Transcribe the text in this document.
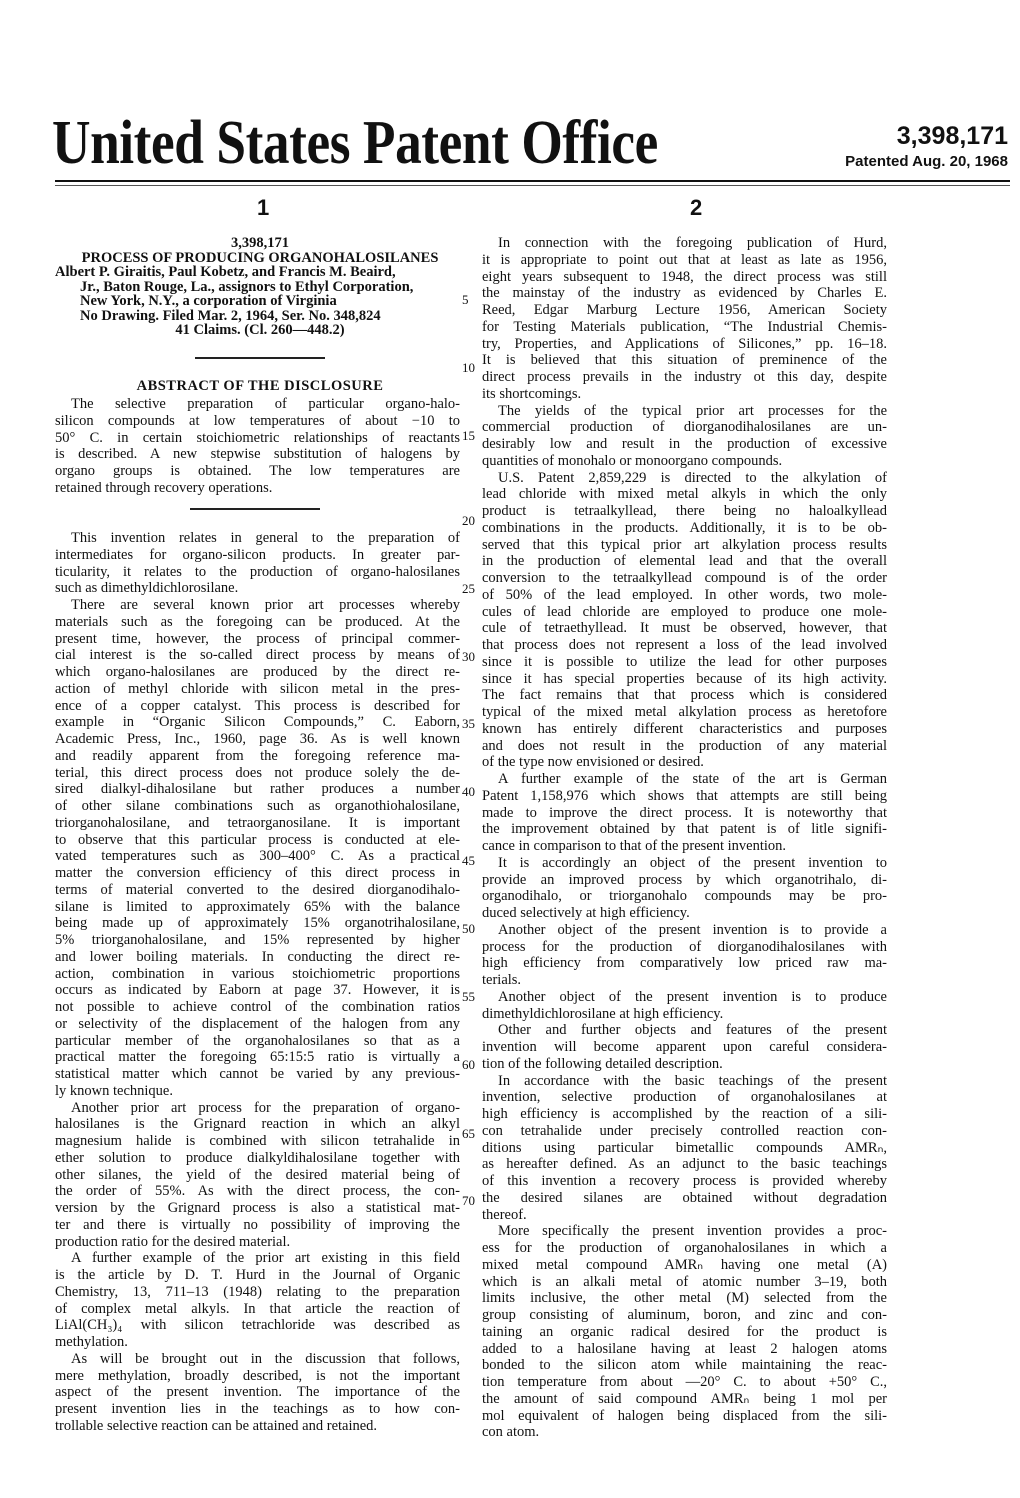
United States Patent Office	3,398,171
Patented Aug. 20, 1968
1	2
3,398,171
PROCESS OF PRODUCING ORGANOHALOSILANES
Albert P. Giraitis, Paul Kobetz, and Francis M. Beaird,
Jr., Baton Rouge, La., assignors to Ethyl Corporation,
New York, N.Y., a corporation of Virginia
No Drawing. Filed Mar. 2, 1964, Ser. No. 348,824
41 Claims. (Cl. 260—448.2)
ABSTRACT OF THE DISCLOSURE
The selective preparation of particular organo-halo-
silicon compounds at low temperatures of about −10 to
50° C. in certain stoichiometric relationships of reactants
is described. A new stepwise substitution of halogens by
organo groups is obtained. The low temperatures are
retained through recovery operations.
This invention relates in general to the preparation of
intermediates for organo-silicon products. In greater par-
ticularity, it relates to the production of organo-halosilanes
such as dimethyldichlorosilane.
There are several known prior art processes whereby
materials such as the foregoing can be produced. At the
present time, however, the process of principal commer-
cial interest is the so-called direct process by means of
which organo-halosilanes are produced by the direct re-
action of methyl chloride with silicon metal in the pres-
ence of a copper catalyst. This process is described for
example in “Organic Silicon Compounds,” C. Eaborn,
Academic Press, Inc., 1960, page 36. As is well known
and readily apparent from the foregoing reference ma-
terial, this direct process does not produce solely the de-
sired dialkyl-dihalosilane but rather produces a number
of other silane combinations such as organothiohalosilane,
triorganohalosilane, and tetraorganosilane. It is important
to observe that this particular process is conducted at ele-
vated temperatures such as 300–400° C. As a practical
matter the conversion efficiency of this direct process in
terms of material converted to the desired diorganodihalo-
silane is limited to approximately 65% with the balance
being made up of approximately 15% organotrihalosilane,
5% triorganohalosilane, and 15% represented by higher
and lower boiling materials. In conducting the direct re-
action, combination in various stoichiometric proportions
occurs as indicated by Eaborn at page 37. However, it is
not possible to achieve control of the combination ratios
or selectivity of the displacement of the halogen from any
particular member of the organohalosilanes so that as a
practical matter the foregoing 65:15:5 ratio is virtually a
statistical matter which cannot be varied by any previous-
ly known technique.
Another prior art process for the preparation of organo-
halosilanes is the Grignard reaction in which an alkyl
magnesium halide is combined with silicon tetrahalide in
ether solution to produce dialkyldihalosilane together with
other silanes, the yield of the desired material being of
the order of 55%. As with the direct process, the con-
version by the Grignard process is also a statistical mat-
ter and there is virtually no possibility of improving the
production ratio for the desired material.
A further example of the prior art existing in this field
is the article by D. T. Hurd in the Journal of Organic
Chemistry, 13, 711–13 (1948) relating to the preparation
of complex metal alkyls. In that article the reaction of
LiAl(CH₃)₄ with silicon tetrachloride was described as
methylation.
As will be brought out in the discussion that follows,
mere methylation, broadly described, is not the important
aspect of the present invention. The importance of the
present invention lies in the teachings as to how con-
trollable selective reaction can be attained and retained.
In connection with the foregoing publication of Hurd,
it is appropriate to point out that at least as late as 1956,
eight years subsequent to 1948, the direct process was still
the mainstay of the industry as evidenced by Charles E.
Reed, Edgar Marburg Lecture 1956, American Society
for Testing Materials publication, “The Industrial Chemis-
try, Properties, and Applications of Silicones,” pp. 16–18.
It is believed that this situation of preminence of the
direct process prevails in the industry ot this day, despite
its shortcomings.
The yields of the typical prior art processes for the
commercial production of diorganodihalosilanes are un-
desirably low and result in the production of excessive
quantities of monohalo or monoorgano compounds.
U.S. Patent 2,859,229 is directed to the alkylation of
lead chloride with mixed metal alkyls in which the only
product is tetraalkyllead, there being no haloalkyllead
combinations in the products. Additionally, it is to be ob-
served that this typical prior art alkylation process results
in the production of elemental lead and that the overall
conversion to the tetraalkyllead compound is of the order
of 50% of the lead employed. In other words, two mole-
cules of lead chloride are employed to produce one mole-
cule of tetraethyllead. It must be observed, however, that
that process does not represent a loss of the lead involved
since it is possible to utilize the lead for other purposes
since it has special properties because of its high activity.
The fact remains that that process which is considered
typical of the mixed metal alkylation process as heretofore
known has entirely different characteristics and purposes
and does not result in the production of any material
of the type now envisioned or desired.
A further example of the state of the art is German
Patent 1,158,976 which shows that attempts are still being
made to improve the direct process. It is noteworthy that
the improvement obtained by that patent is of litle signifi-
cance in comparison to that of the present invention.
It is accordingly an object of the present invention to
provide an improved process by which organotrihalo, di-
organodihalo, or triorganohalo compounds may be pro-
duced selectively at high efficiency.
Another object of the present invention is to provide a
process for the production of diorganodihalosilanes with
high efficiency from comparatively low priced raw ma-
terials.
Another object of the present invention is to produce
dimethyldichlorosilane at high efficiency.
Other and further objects and features of the present
invention will become apparent upon careful considera-
tion of the following detailed description.
In accordance with the basic teachings of the present
invention, selective production of organohalosilanes at
high efficiency is accomplished by the reaction of a sili-
con tetrahalide under precisely controlled reaction con-
ditions using particular bimetallic compounds AMRₙ,
as hereafter defined. As an adjunct to the basic teachings
of this invention a recovery process is provided whereby
the desired silanes are obtained without degradation
thereof.
More specifically the present invention provides a proc-
ess for the production of organohalosilanes in which a
mixed metal compound AMRₙ having one metal (A)
which is an alkali metal of atomic number 3–19, both
limits inclusive, the other metal (M) selected from the
group consisting of aluminum, boron, and zinc and con-
taining an organic radical desired for the product is
added to a halosilane having at least 2 halogen atoms
bonded to the silicon atom while maintaining the reac-
tion temperature from about —20° C. to about +50° C.,
the amount of said compound AMRₙ being 1 mol per
mol equivalent of halogen being displaced from the sili-
con atom.
5
10
15
20
25
30
35
40
45
50
55
60
65
70
